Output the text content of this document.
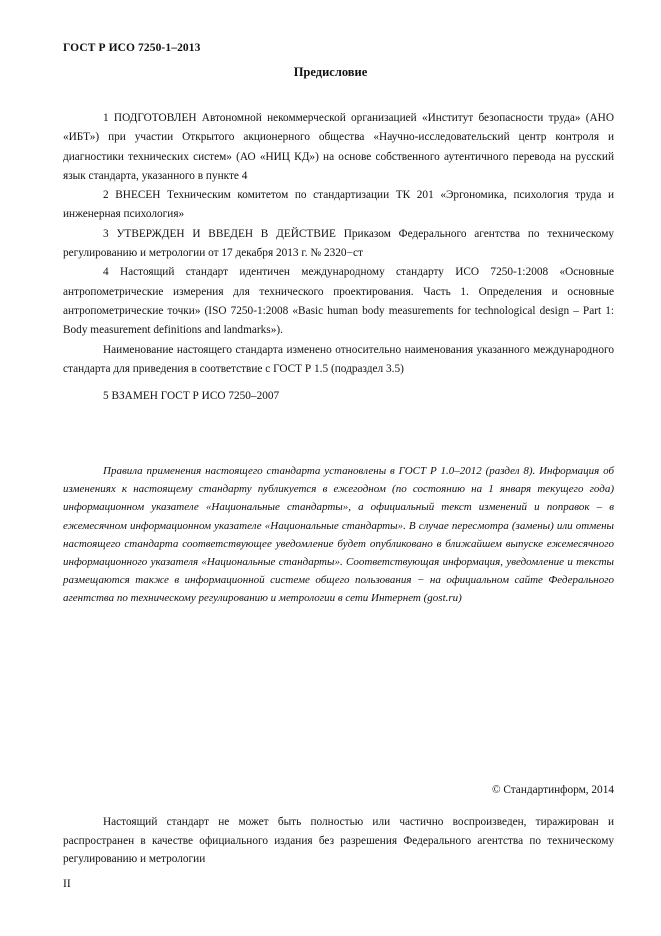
ГОСТ Р ИСО 7250-1–2013
Предисловие

1 ПОДГОТОВЛЕН Автономной некоммерческой организацией «Институт безопасности труда» (АНО «ИБТ») при участии Открытого акционерного общества «Научно-исследовательский центр контроля и диагностики технических систем» (АО «НИЦ КД») на основе собственного аутентичного перевода на русский язык стандарта, указанного в пункте 4

2 ВНЕСЕН Техническим комитетом по стандартизации ТК 201 «Эргономика, психология труда и инженерная психология»

3 УТВЕРЖДЕН И ВВЕДЕН В ДЕЙСТВИЕ Приказом Федерального агентства по техническому регулированию и метрологии от 17 декабря 2013 г. № 2320−ст

4 Настоящий стандарт идентичен международному стандарту ИСО 7250-1:2008 «Основные антропометрические измерения для технического проектирования. Часть 1. Определения и основные антропометрические точки» (ISO 7250-1:2008 «Basic human body measurements for technological design – Part 1: Body measurement definitions and landmarks»).

Наименование настоящего стандарта изменено относительно наименования указанного международного стандарта для приведения в соответствие с ГОСТ Р 1.5 (подраздел 3.5)

5 ВЗАМЕН ГОСТ Р ИСО 7250–2007

Правила применения настоящего стандарта установлены в ГОСТ Р 1.0–2012 (раздел 8). Информация об изменениях к настоящему стандарту публикуется в ежегодном (по состоянию на 1 января текущего года) информационном указателе «Национальные стандарты», а официальный текст изменений и поправок – в ежемесячном информационном указателе «Национальные стандарты». В случае пересмотра (замены) или отмены настоящего стандарта соответствующее уведомление будет опубликовано в ближайшем выпуске ежемесячного информационного указателя «Национальные стандарты». Соответствующая информация, уведомление и тексты размещаются также в информационной системе общего пользования − на официальном сайте Федерального агентства по техническому регулированию и метрологии в сети Интернет (gost.ru)

© Стандартинформ, 2014

Настоящий стандарт не может быть полностью или частично воспроизведен, тиражирован и распространен в качестве официального издания без разрешения Федерального агентства по техническому регулированию и метрологии

II
